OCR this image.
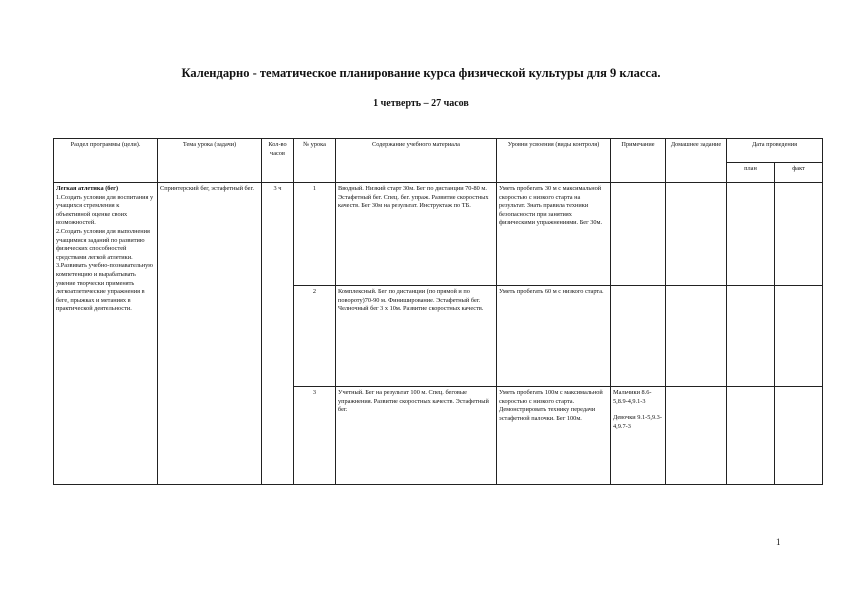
Календарно - тематическое планирование курса физической культуры для 9 класса.
1 четверть – 27 часов
Раздел программы (цели).	Тема урока (задачи)	Кол-во часов	№ урока	Содержание учебного материала	Уровни усвоения (виды контроля)	Примечание	Домашнее задание	Дата проведения	
								план	факт

Легкая атлетика (бег)
1.Создать условия для воспитания у учащихся стремления к объективной оценке своих возможностей.
2.Создать условия для выполнения учащимися заданий по развитию физических способностей средствами легкой атлетики.
3.Развивать учебно-познавательную компетенцию и вырабатывать умение творчески применять легкоатлетические упражнения в беге, прыжках и метаниях в практической деятельности.	Спринтерский бег, эстафетный бег.	3 ч	1	Вводный. Низкий старт 30м. Бег по дистанции 70-80 м. Эстафетный бег. Спец. бег. упраж. Развитие скоростных качеств. Бег 30м на результат. Инструктаж по ТБ.	Уметь пробегать 30 м с максимальной скоростью с низкого старта на результат. Знать правила техники безопасности при занятиях физическими упражнениями. Бег 30м.				
			2	Комплексный. Бег по дистанции (по прямой и по повороту)70-90 м. Финиширование. Эстафетный бег. Челночный бег 3 х 10м. Развитие скоростных качеств.	Уметь пробегать 60 м с низкого старта.				
			3	Учетный. Бег на результат 100 м. Спец. беговые упражнения. Развитие скоростных качеств. Эстафетный бег.	Уметь пробегать 100м с максимальной скоростью с низкого старта. Демонстрировать технику передачи эстафетной палочки. Бег 100м.	Мальчики 8.6-5,8.9-4,9.1-3
Девочки 9.1-5,9.3-4,9.7-3			

1
